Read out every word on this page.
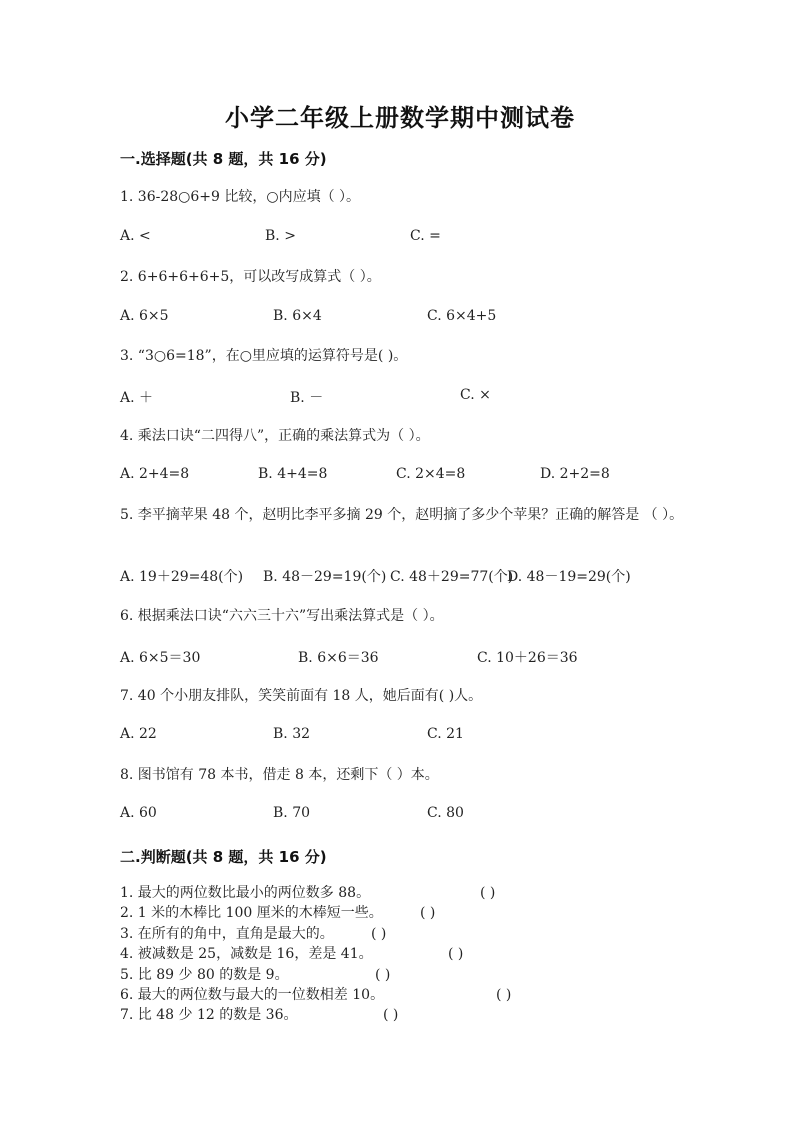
小学二年级上册数学期中测试卷
一.选择题(共 8 题，共 16 分)
1. 36-28○6+9 比较，○内应填（ ）。
A. <	B. >	C. =
2. 6+6+6+6+5，可以改写成算式（ ）。
A. 6×5	B. 6×4	C. 6×4+5
3. “3○6=18”，在○里应填的运算符号是( )。
A. ＋	B. －	C. ×
4. 乘法口诀“二四得八”，正确的乘法算式为（ ）。
A. 2+4=8	B. 4+4=8	C. 2×4=8	D. 2+2=8
5. 李平摘苹果 48 个，赵明比李平多摘 29 个，赵明摘了多少个苹果？正确的解答是 （ ）。
A. 19＋29=48(个) B. 48－29=19(个) C. 48＋29=77(个)
D. 48－19=29(个)
6. 根据乘法口诀“六六三十六”写出乘法算式是（ ）。
A. 6×5＝30	B. 6×6＝36	C. 10＋26＝36
7. 40 个小朋友排队，笑笑前面有 18 人，她后面有( )人。
A. 22	B. 32	C. 21
8. 图书馆有 78 本书，借走 8 本，还剩下（ ）本。
A. 60	B. 70	C. 80
二.判断题(共 8 题，共 16 分)
1. 最大的两位数比最小的两位数多 88。	( )
2. 1 米的木棒比 100 厘米的木棒短一些。	( )
3. 在所有的角中，直角是最大的。	( )
4. 被减数是 25，减数是 16，差是 41。	( )
5. 比 89 少 80 的数是 9。	( )
6. 最大的两位数与最大的一位数相差 10。	( )
7. 比 48 少 12 的数是 36。	( )
